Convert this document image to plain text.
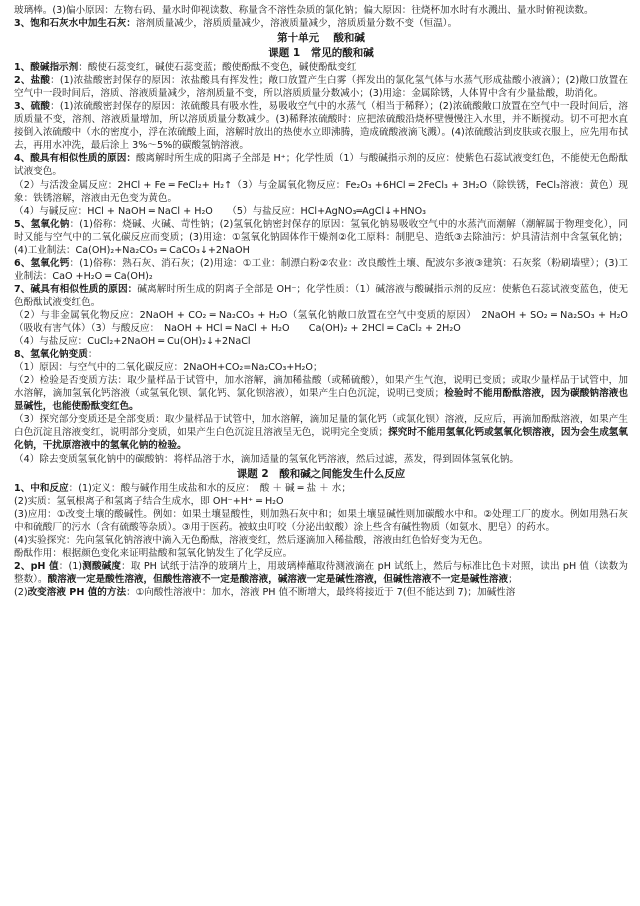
玻璃棒。(3)偏小原因：左物右码、量水时仰视读数、称量含不溶性杂质的氯化钠；偏大原因：往烧杯加水时有水溅出、量水时俯视读数。

3、饱和石灰水中加生石灰：溶剂质量减少，溶质质量减少，溶液质量减少，溶质质量分数不变（恒温）。

第十单元　 酸和碱

课题 1　常见的酸和碱

1、酸碱指示剂：酸使石蕊变红，碱使石蕊变蓝；酸使酚酞不变色，碱使酚酞变红

2、盐酸：(1)浓盐酸密封保存的原因：浓盐酸具有挥发性；敞口放置产生白雾（挥发出的氯化氢气体与水蒸气形成盐酸小液滴）；(2)敞口放置在空气中一段时间后，溶质、溶液质量减少，溶剂质量不变，所以溶质质量分数减小；(3)用途：金属除锈，人体胃中含有少量盐酸，助消化。

3、硫酸：(1)浓硫酸密封保存的原因：浓硫酸具有吸水性，易吸收空气中的水蒸气（相当于稀释）；(2)浓硫酸敞口放置在空气中一段时间后，溶质质量不变，溶剂、溶液质量增加，所以溶质质量分数减少。(3)稀释浓硫酸时：应把浓硫酸沿烧杯壁慢慢注入水里，并不断搅动。切不可把水直接倒入浓硫酸中（水的密度小，浮在浓硫酸上面，溶解时放出的热使水立即沸腾，造成硫酸液滴飞溅）。(4)浓硫酸沾到皮肤或衣服上，应先用布拭去，再用水冲洗，最后涂上 3%～5%的碳酸氢钠溶液。

4、酸具有相似性质的原因：酸离解时所生成的阳离子全部是 H⁺；化学性质（1）与酸碱指示剂的反应：使紫色石蕊试液变红色，不能使无色酚酞试液变色。

（2）与活泼金属反应：2HCl + Fe ═ FeCl₂+ H₂↑（3）与金属氧化物反应：Fe₂O₃ +6HCl ═ 2FeCl₃ + 3H₂O（除铁锈，FeCl₃溶液：黄色）现象：铁锈溶解，溶液由无色变为黄色。

（4）与碱反应：HCl + NaOH ═ NaCl + H₂O　　（5）与盐反应：HCl+AgNO₃═AgCl↓+HNO₃

5、氢氧化钠：(1)俗称：烧碱、火碱、苛性钠；(2)氢氧化钠密封保存的原因：氢氧化钠易吸收空气中的水蒸汽而潮解（潮解属于物理变化），同时又能与空气中的二氧化碳反应而变质；(3)用途：①氢氧化钠固体作干燥剂②化工原料：制肥皂、造纸③去除油污：炉具清洁剂中含氢氧化钠；(4)工业制法：Ca(OH)₂+Na₂CO₃ ═ CaCO₃↓+2NaOH

6、氢氧化钙：(1)俗称：熟石灰、消石灰；(2)用途：①工业：制漂白粉②农业：改良酸性土壤、配波尔多液③建筑：石灰浆（粉刷墙壁）；(3)工业制法：CaO +H₂O ═ Ca(OH)₂

7、碱具有相似性质的原因：碱离解时所生成的阴离子全部是 OH⁻；化学性质：（1）碱溶液与酸碱指示剂的反应：使紫色石蕊试液变蓝色，使无色酚酞试液变红色。

（2）与非金属氧化物反应：2NaOH + CO₂ ═ Na₂CO₃ + H₂O（氢氧化钠敞口放置在空气中变质的原因）　2NaOH + SO₂ ═ Na₂SO₃ + H₂O　（吸收有害气体）（3）与酸反应：　NaOH + HCl ═ NaCl + H₂O　　Ca(OH)₂ + 2HCl ═ CaCl₂ + 2H₂O

（4）与盐反应：CuCl₂+2NaOH ═ Cu(OH)₂↓+2NaCl

8、氢氧化钠变质：

（1）原因：与空气中的二氧化碳反应：2NaOH+CO₂=Na₂CO₃+H₂O；

（2）检验是否变质方法：取少量样品于试管中，加水溶解，滴加稀盐酸（或稀硫酸），如果产生气泡，说明已变质；或取少量样品于试管中，加水溶解，滴加氢氧化钙溶液（或氢氧化钡、氯化钙、氯化钡溶液），如果产生白色沉淀，说明已变质；检验时不能用酚酞溶液，因为碳酸钠溶液也显碱性，也能使酚酞变红色。

（3）探究部分变质还是全部变质：取少量样品于试管中，加水溶解，滴加足量的氯化钙（或氯化钡）溶液，反应后，再滴加酚酞溶液，如果产生白色沉淀且溶液变红，说明部分变质，如果产生白色沉淀且溶液呈无色，说明完全变质；探究时不能用氢氧化钙或氢氧化钡溶液，因为会生成氢氧化钠，干扰原溶液中的氢氧化钠的检验。

（4）除去变质氢氧化钠中的碳酸钠：将样品溶于水，滴加适量的氢氧化钙溶液，然后过滤，蒸发，得到固体氢氧化钠。

课题 2　酸和碱之间能发生什么反应

1、中和反应：(1)定义：酸与碱作用生成盐和水的反应：　酸 ＋ 碱 ═ 盐 ＋ 水；

(2)实质：氢氧根离子和氢离子结合生成水，即 OH⁻+H⁺ ═ H₂O

(3)应用：①改变土壤的酸碱性。例如：如果土壤显酸性，则加熟石灰中和；如果土壤显碱性则加碳酸水中和。②处理工厂的废水。例如用熟石灰中和硫酸厂的污水（含有硫酸等杂质）。③用于医药。被蚊虫叮咬（分泌出蚁酸）涂上些含有碱性物质（如氨水、肥皂）的药水。

(4)实验探究：先向氢氧化钠溶液中滴入无色酚酞，溶液变红，然后逐滴加入稀盐酸，溶液由红色恰好变为无色。

酚酞作用：根据颜色变化来证明盐酸和氢氧化钠发生了化学反应。

2、pH 值：(1)测酸碱度：取 PH 试纸于洁净的玻璃片上，用玻璃棒蘸取待测液滴在 pH 试纸上，然后与标准比色卡对照，读出 pH 值（读数为整数）。酸溶液一定是酸性溶液，但酸性溶液不一定是酸溶液，碱溶液一定是碱性溶液，但碱性溶液不一定是碱性溶液；

(2)改变溶液 PH 值的方法：①向酸性溶液中：加水，溶液 PH 值不断增大，最终将接近于 7(但不能达到 7)；加碱性溶
